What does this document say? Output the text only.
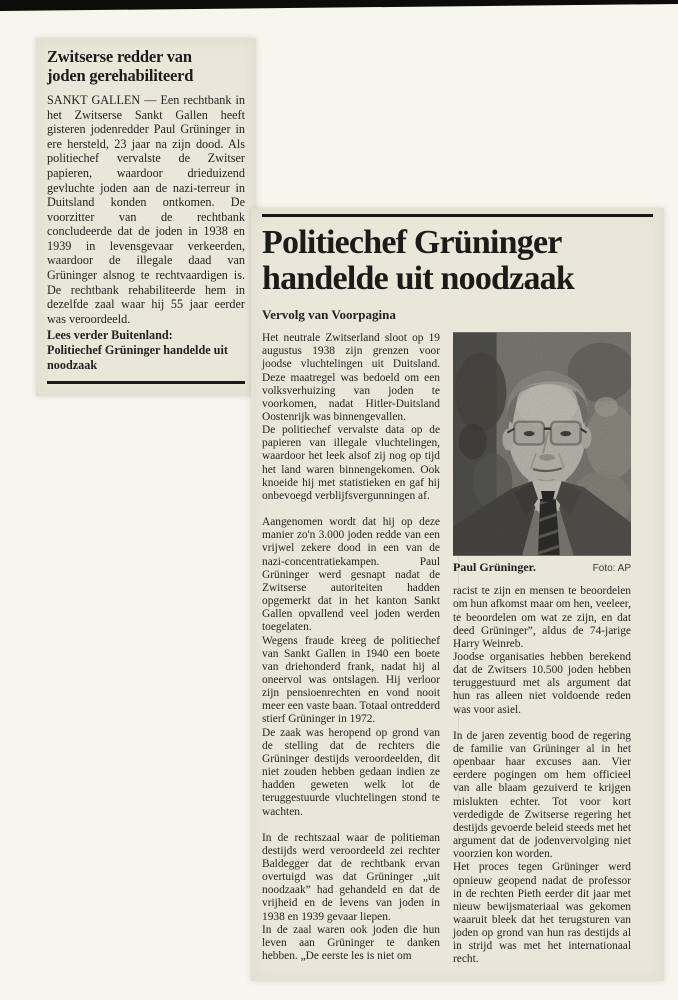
Zwitserse redder van
joden gerehabiliteerd
SANKT GALLEN — Een rechtbank in het Zwitserse Sankt Gallen heeft gisteren jodenredder Paul Grüninger in ere hersteld, 23 jaar na zijn dood. Als politiechef vervalste de Zwitser papieren, waardoor drieduizend gevluchte joden aan de nazi-terreur in Duitsland konden ontkomen. De voorzitter van de rechtbank concludeerde dat de joden in 1938 en 1939 in levensgevaar verkeerden, waardoor de illegale daad van Grüninger alsnog te rechtvaardigen is. De rechtbank rehabiliteerde hem in dezelfde zaal waar hij 55 jaar eerder was veroordeeld.
Lees verder Buitenland:
Politiechef Grüninger handelde uit noodzaak
Politiechef Grüninger
handelde uit noodzaak
Vervolg van Voorpagina

Het neutrale Zwitserland sloot op 19 augustus 1938 zijn grenzen voor joodse vluchtelingen uit Duitsland. Deze maatregel was bedoeld om een volksverhuizing van joden te voorkomen, nadat Hitler-Duitsland Oostenrijk was binnengevallen.

De politiechef vervalste data op de papieren van illegale vluchtelingen, waardoor het leek alsof zij nog op tijd het land waren binnengekomen. Ook knoeide hij met statistieken en gaf hij onbevoegd verblijfsvergunningen af.

Aangenomen wordt dat hij op deze manier zo'n 3.000 joden redde van een vrijwel zekere dood in een van de nazi-concentratiekampen. Paul Grüninger werd gesnapt nadat de Zwitserse autoriteiten hadden opgemerkt dat in het kanton Sankt Gallen opvallend veel joden werden toegelaten.

Wegens fraude kreeg de politiechef van Sankt Gallen in 1940 een boete van driehonderd frank, nadat hij al oneervol was ontslagen. Hij verloor zijn pensioenrechten en vond nooit meer een vaste baan. Totaal ontredderd stierf Grüninger in 1972.

De zaak was heropend op grond van de stelling dat de rechters die Grüninger destijds veroordeelden, dit niet zouden hebben gedaan indien ze hadden geweten welk lot de teruggestuurde vluchtelingen stond te wachten.

In de rechtszaal waar de politieman destijds werd veroordeeld zei rechter Baldegger dat de rechtbank ervan overtuigd was dat Grüninger „uit noodzaak” had gehandeld en dat de vrijheid en de levens van joden in 1938 en 1939 gevaar liepen.

In de zaal waren ook joden die hun leven aan Grüninger te danken hebben. „De eerste les is niet om

Paul Grüninger.	Foto: AP

racist te zijn en mensen te beoordelen om hun afkomst maar om hen, veeleer, te beoordelen om wat ze zijn, en dat deed Grüninger”, aldus de 74-jarige Harry Weinreb.

Joodse organisaties hebben berekend dat de Zwitsers 10.500 joden hebben teruggestuurd met als argument dat hun ras alleen niet voldoende reden was voor asiel.

In de jaren zeventig bood de regering de familie van Grüninger al in het openbaar haar excuses aan. Vier eerdere pogingen om hem officieel van alle blaam gezuiverd te krijgen mislukten echter. Tot voor kort verdedigde de Zwitserse regering het destijds gevoerde beleid steeds met het argument dat de jodenvervolging niet voorzien kon worden.

Het proces tegen Grüninger werd opnieuw geopend nadat de professor in de rechten Pieth eerder dit jaar met nieuw bewijsmateriaal was gekomen waaruit bleek dat het terugsturen van joden op grond van hun ras destijds al in strijd was met het internationaal recht.
